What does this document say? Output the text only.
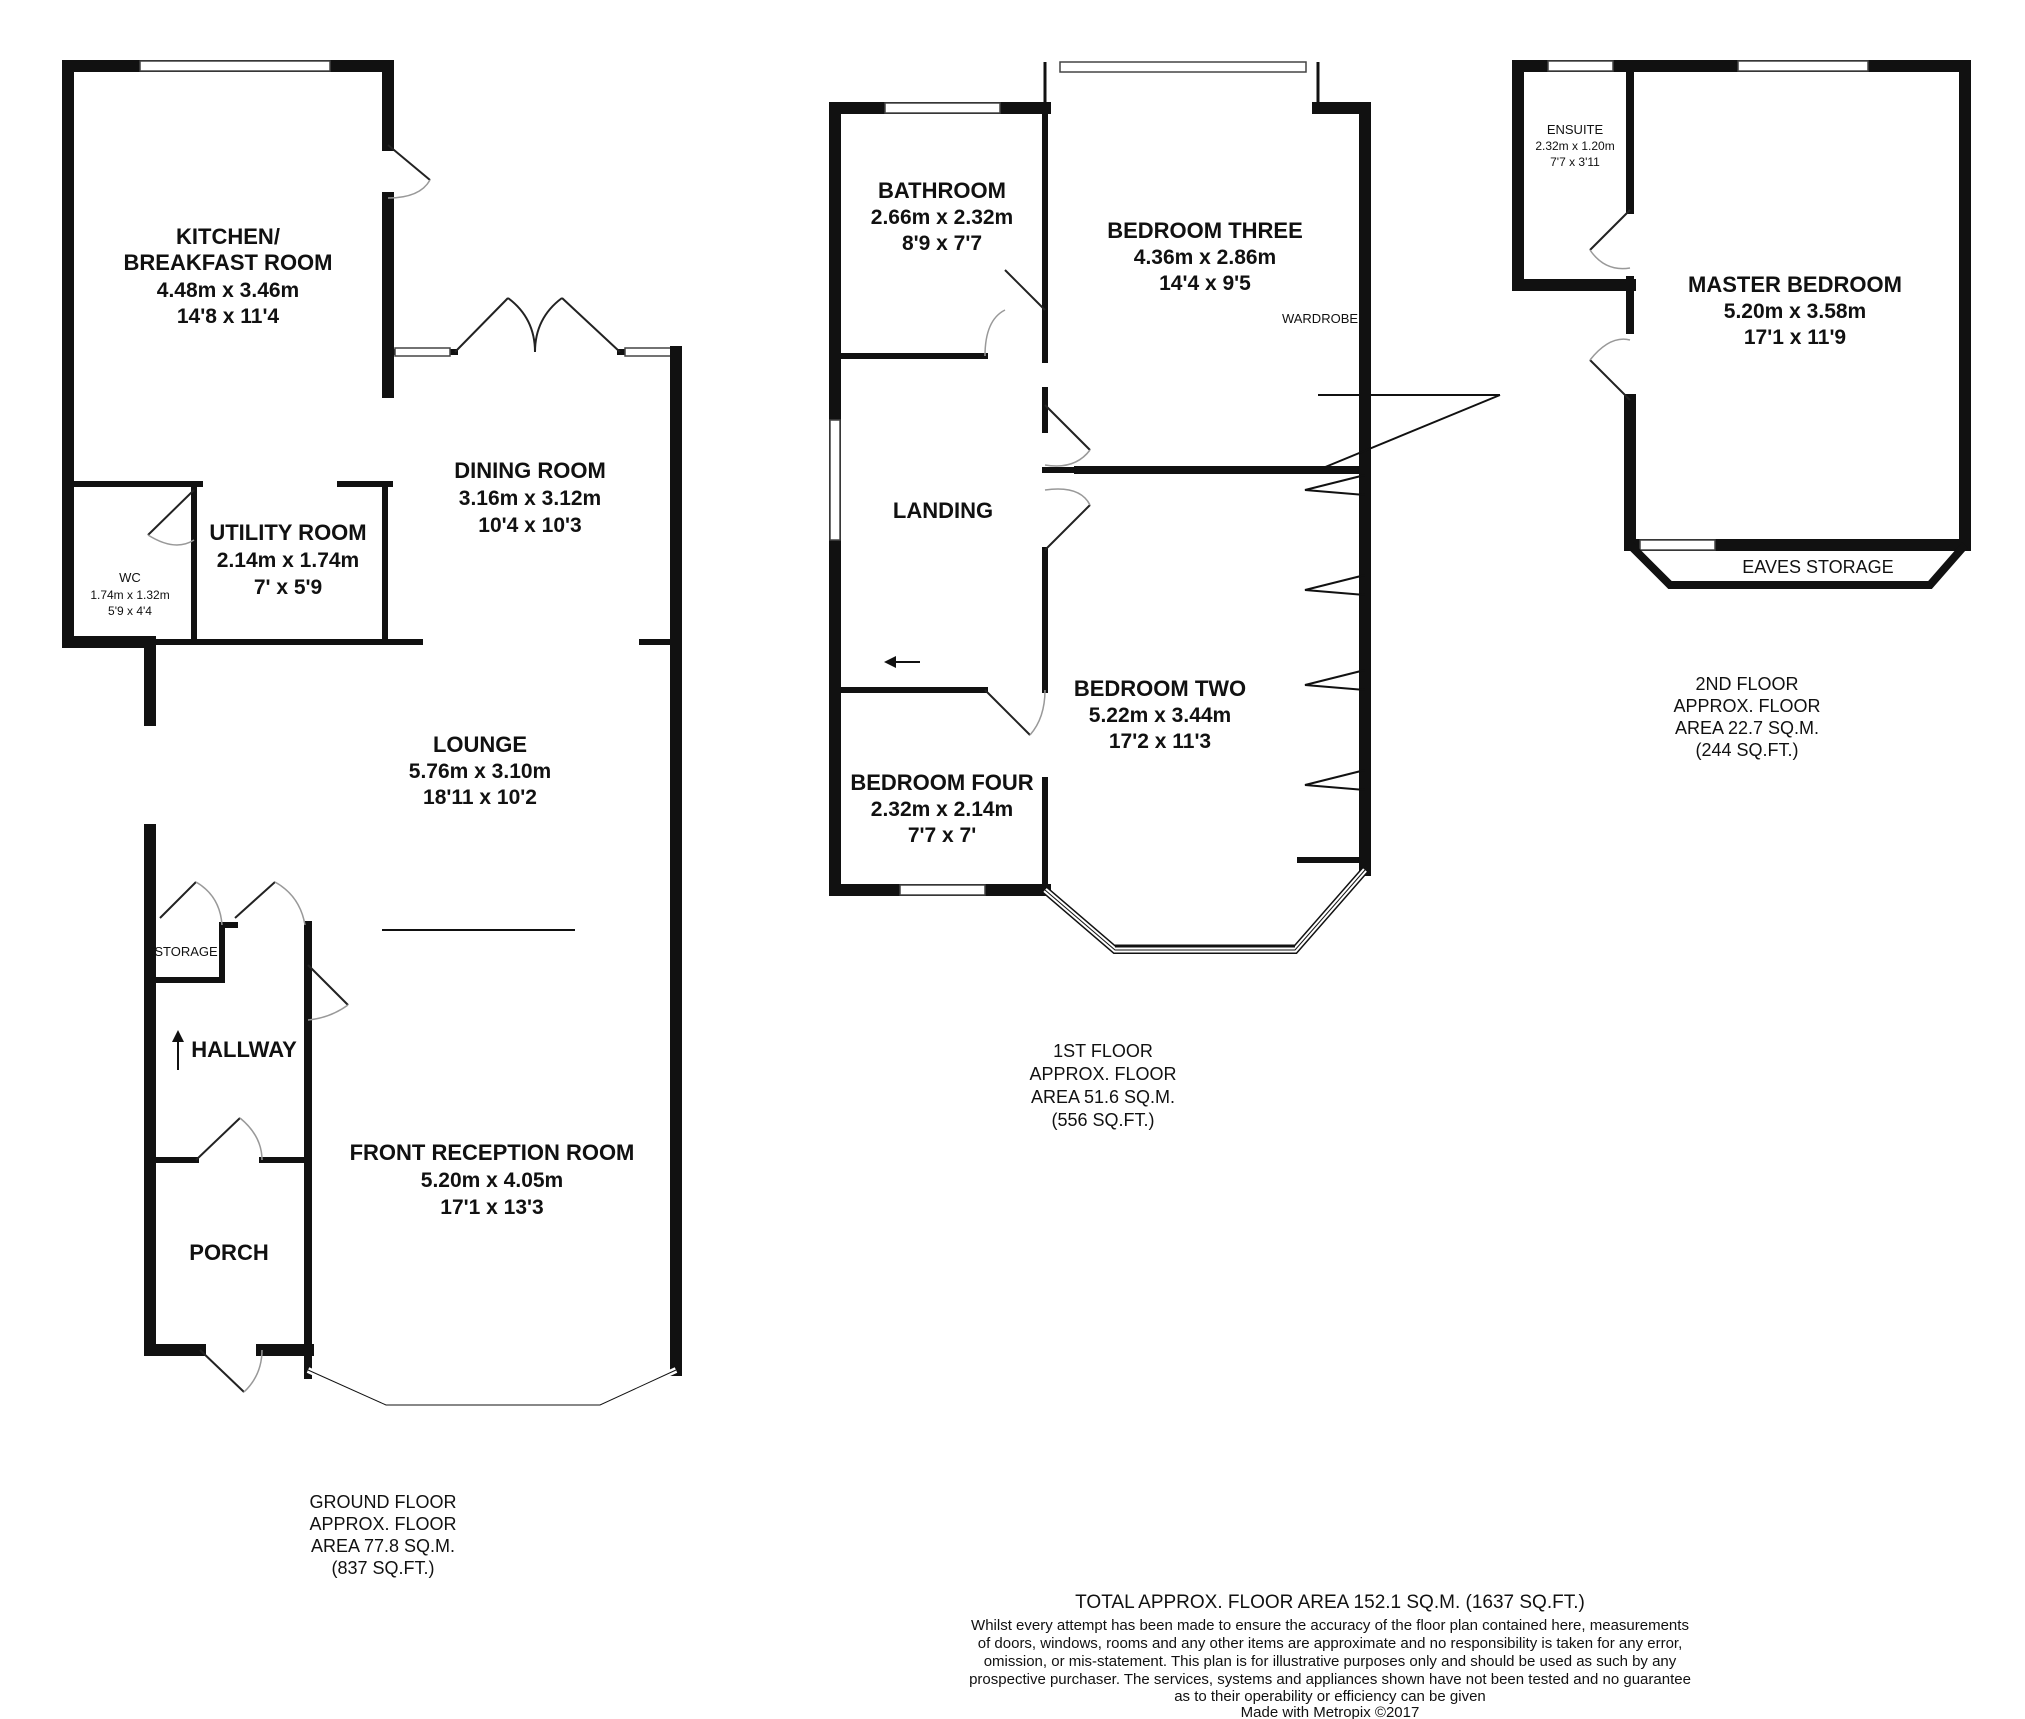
KITCHEN/
BREAKFAST ROOM
4.48m x 3.46m
14'8 x 11'4
DINING ROOM
3.16m x 3.12m
10'4 x 10'3
UTILITY ROOM
2.14m x 1.74m
7' x 5'9
WC
1.74m x 1.32m
5'9 x 4'4
LOUNGE
5.76m x 3.10m
18'11 x 10'2
STORAGE
HALLWAY
FRONT RECEPTION ROOM
5.20m x 4.05m
17'1 x 13'3
PORCH
GROUND FLOOR
APPROX. FLOOR
AREA 77.8 SQ.M.
(837 SQ.FT.)
BATHROOM
2.66m x 2.32m
8'9 x 7'7
BEDROOM THREE
4.36m x 2.86m
14'4 x 9'5
WARDROBE
LANDING
BEDROOM TWO
5.22m x 3.44m
17'2 x 11'3
BEDROOM FOUR
2.32m x 2.14m
7'7 x 7'
1ST FLOOR
APPROX. FLOOR
AREA 51.6 SQ.M.
(556 SQ.FT.)
ENSUITE
2.32m x 1.20m
7'7 x 3'11
MASTER BEDROOM
5.20m x 3.58m
17'1 x 11'9
EAVES STORAGE
2ND FLOOR
APPROX. FLOOR
AREA 22.7 SQ.M.
(244 SQ.FT.)
TOTAL APPROX. FLOOR AREA 152.1 SQ.M. (1637 SQ.FT.)
Whilst every attempt has been made to ensure the accuracy of the floor plan contained here, measurements
of doors, windows, rooms and any other items are approximate and no responsibility is taken for any error,
omission, or mis-statement. This plan is for illustrative purposes only and should be used as such by any
prospective purchaser. The services, systems and appliances shown have not been tested and no guarantee
as to their operability or efficiency can be given
Made with Metropix ©2017
